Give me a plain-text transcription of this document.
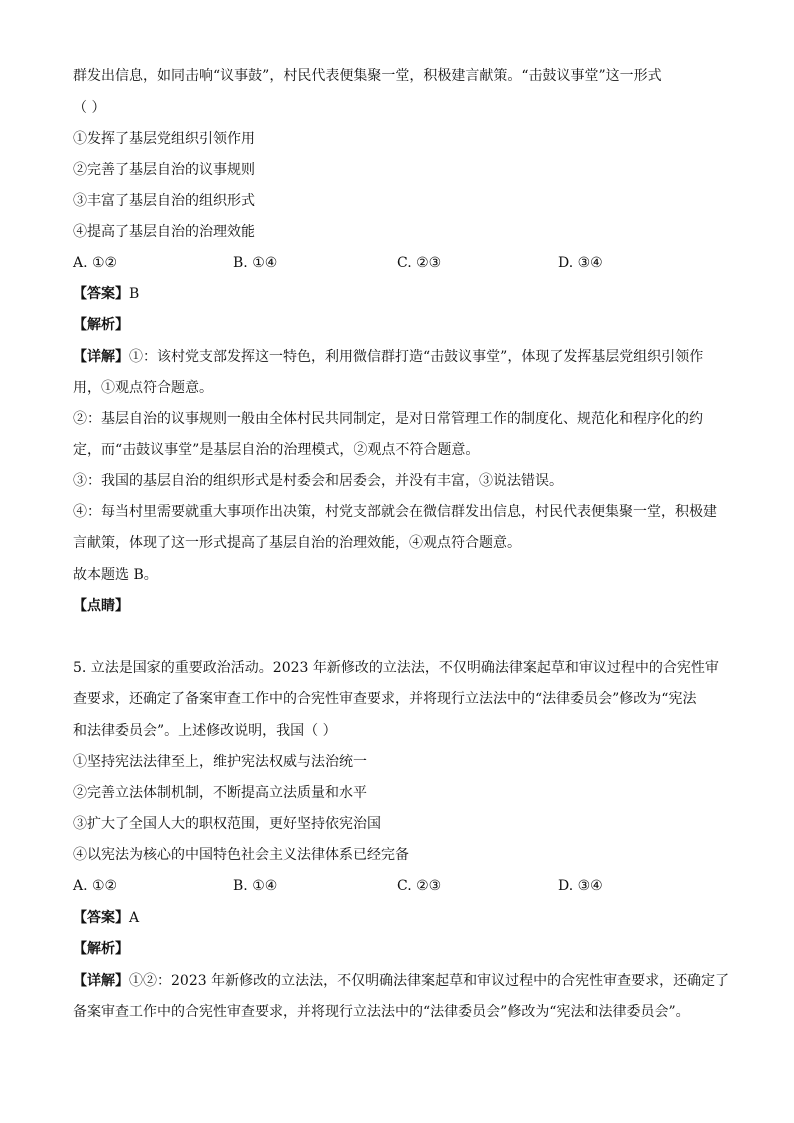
群发出信息，如同击响“议事鼓”，村民代表便集聚一堂，积极建言献策。“击鼓议事堂”这一形式
（ ）
①发挥了基层党组织引领作用
②完善了基层自治的议事规则
③丰富了基层自治的组织形式
④提高了基层自治的治理效能
A. ①②	B. ①④	C. ②③	D. ③④
【答案】B
【解析】
【详解】①：该村党支部发挥这一特色，利用微信群打造“击鼓议事堂”，体现了发挥基层党组织引领作
用，①观点符合题意。
②：基层自治的议事规则一般由全体村民共同制定，是对日常管理工作的制度化、规范化和程序化的约
定，而“击鼓议事堂”是基层自治的治理模式，②观点不符合题意。
③：我国的基层自治的组织形式是村委会和居委会，并没有丰富，③说法错误。
④：每当村里需要就重大事项作出决策，村党支部就会在微信群发出信息，村民代表便集聚一堂，积极建
言献策，体现了这一形式提高了基层自治的治理效能，④观点符合题意。
故本题选 B。
【点睛】
5. 立法是国家的重要政治活动。2023 年新修改的立法法，不仅明确法律案起草和审议过程中的合宪性审
查要求，还确定了备案审查工作中的合宪性审查要求，并将现行立法法中的“法律委员会”修改为“宪法
和法律委员会”。上述修改说明，我国（ ）
①坚持宪法法律至上，维护宪法权威与法治统一
②完善立法体制机制，不断提高立法质量和水平
③扩大了全国人大的职权范围，更好坚持依宪治国
④以宪法为核心的中国特色社会主义法律体系已经完备
A. ①②	B. ①④	C. ②③	D. ③④
【答案】A
【解析】
【详解】①②：2023 年新修改的立法法，不仅明确法律案起草和审议过程中的合宪性审查要求，还确定了
备案审查工作中的合宪性审查要求，并将现行立法法中的“法律委员会”修改为“宪法和法律委员会”。
